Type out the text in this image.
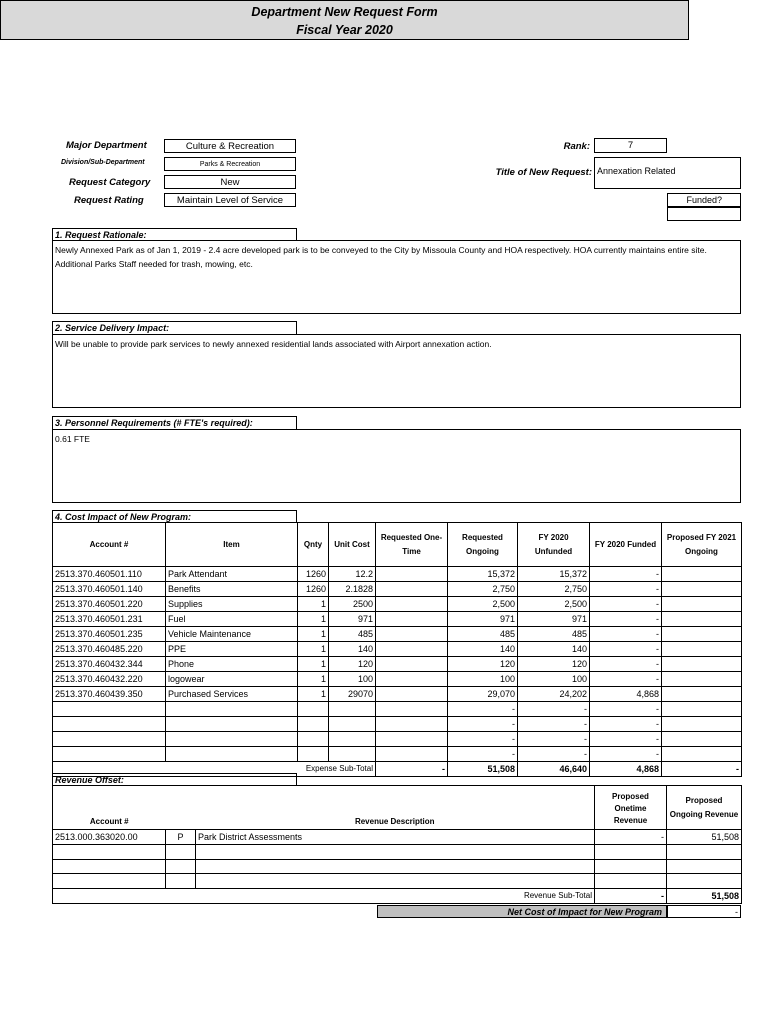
Department New Request Form
Fiscal Year 2020
Major Department	Culture & Recreation
Division/Sub-Department	Parks & Recreation
Request Category	New
Request Rating	Maintain Level of Service
Rank:	7
Title of New Request: Annexation Related
Funded?
1. Request Rationale:
Newly Annexed Park as of Jan 1, 2019 - 2.4 acre developed park is to be conveyed to the City by Missoula County and HOA respectively. HOA currently maintains entire site. Additional Parks Staff needed for trash, mowing, etc.
2. Service Delivery Impact:
Will be unable to provide park services to newly annexed residential lands associated with Airport annexation action.
3. Personnel Requirements (# FTE's required):
0.61 FTE
4. Cost Impact of New Program:
Account #	Item	Qnty	Unit Cost	Requested One-Time	Requested Ongoing	FY 2020 Unfunded	FY 2020 Funded	Proposed FY 2021 Ongoing
2513.370.460501.110	Park Attendant	1260	12.2		15,372	15,372	-	
2513.370.460501.140	Benefits	1260	2.1828		2,750	2,750	-	
2513.370.460501.220	Supplies	1	2500		2,500	2,500	-	
2513.370.460501.231	Fuel	1	971		971	971	-	
2513.370.460501.235	Vehicle Maintenance	1	485		485	485	-	
2513.370.460485.220	PPE	1	140		140	140	-	
2513.370.460432.344	Phone	1	120		120	120	-	
2513.370.460432.220	logowear	1	100		100	100	-	
2513.370.460439.350	Purchased Services	1	29070		29,070	24,202	4,868	
					-	-	-	
					-	-	-	
					-	-	-	
					-	-	-	
Expense Sub-Total				-	51,508	46,640	4,868	-
Revenue Offset:
Account #		Revenue Description	Proposed Onetime Revenue	Proposed Ongoing Revenue
2513.000.363020.00	P	Park District Assessments	-	51,508

Revenue Sub-Total			-	51,508
Net Cost of Impact for New Program	-
